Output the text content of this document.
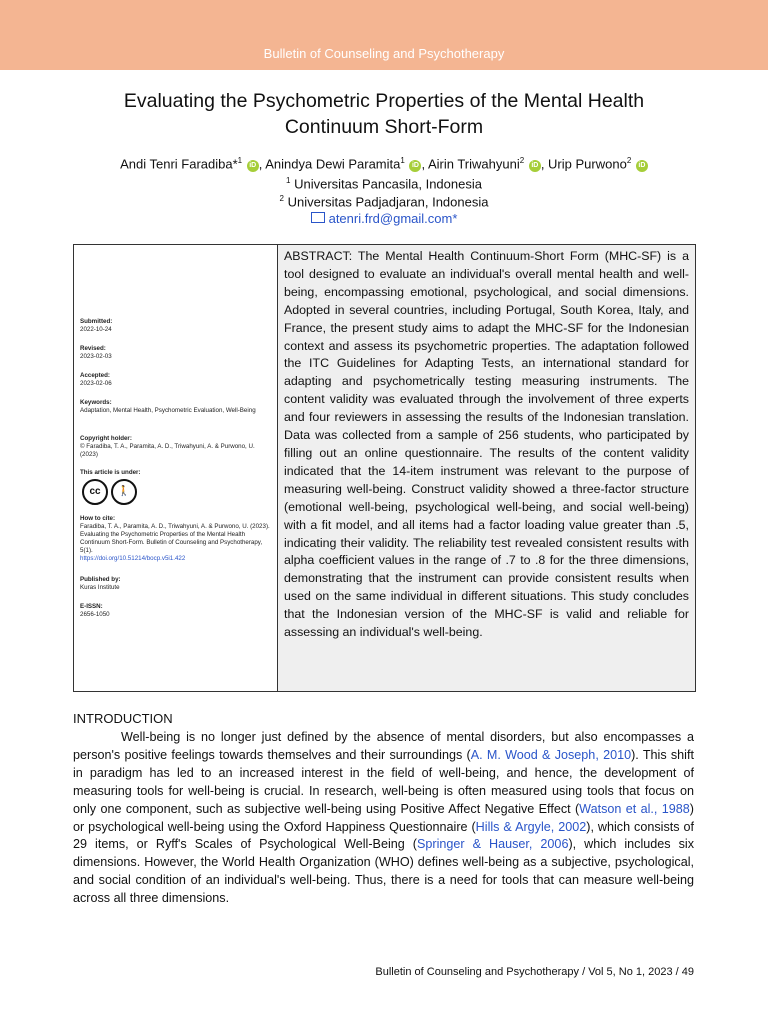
Bulletin of Counseling and Psychotherapy
Evaluating the Psychometric Properties of the Mental Health Continuum Short-Form
Andi Tenri Faradiba*$^1$ iD , Anindya Dewi Paramita$^1$ iD , Airin Triwahyuni$^2$ iD , Urip Purwono$^2$ iD
$^1$ Universitas Pancasila, Indonesia
$^2$ Universitas Padjadjaran, Indonesia
atenri.frd@gmail.com*
Submitted:
2022-10-24
Revised:
2023-02-03
Accepted:
2023-02-06
Keywords:
Adaptation, Mental Health, Psychometric Evaluation, Well-Being
Copyright holder:
© Faradiba, T. A., Paramita, A. D., Triwahyuni, A. & Purwono, U. (2023)
This article is under:
cc 🚶
How to cite:
Faradiba, T. A., Paramita, A. D., Triwahyuni, A. & Purwono, U. (2023). Evaluating the Psychometric Properties of the Mental Health Continuum Short-Form. Bulletin of Counseling and Psychotherapy, 5(1).
https://doi.org/10.51214/bocp.v5i1.422
Published by:
Kuras Institute
E-ISSN:
2656-1050
ABSTRACT: The Mental Health Continuum-Short Form (MHC-SF) is a tool designed to evaluate an individual's overall mental health and well-being, encompassing emotional, psychological, and social dimensions. Adopted in several countries, including Portugal, South Korea, Italy, and France, the present study aims to adapt the MHC-SF for the Indonesian context and assess its psychometric properties. The adaptation followed the ITC Guidelines for Adapting Tests, an international standard for adapting and psychometrically testing measuring instruments. The content validity was evaluated through the involvement of three experts and four reviewers in assessing the results of the Indonesian translation. Data was collected from a sample of 256 students, who participated by filling out an online questionnaire. The results of the content validity indicated that the 14-item instrument was relevant to the purpose of measuring well-being. Construct validity showed a three-factor structure (emotional well-being, psychological well-being, and social well-being) with a fit model, and all items had a factor loading value greater than .5, indicating their validity. The reliability test revealed consistent results with alpha coefficient values in the range of .7 to .8 for the three dimensions, demonstrating that the instrument can provide consistent results when used on the same individual in different situations. This study concludes that the Indonesian version of the MHC-SF is valid and reliable for assessing an individual's well-being.
INTRODUCTION
Well-being is no longer just defined by the absence of mental disorders, but also encompasses a person's positive feelings towards themselves and their surroundings (A. M. Wood & Joseph, 2010). This shift in paradigm has led to an increased interest in the field of well-being, and hence, the development of measuring tools for well-being is crucial. In research, well-being is often measured using tools that focus on only one component, such as subjective well-being using Positive Affect Negative Effect (Watson et al., 1988) or psychological well-being using the Oxford Happiness Questionnaire (Hills & Argyle, 2002), which consists of 29 items, or Ryff's Scales of Psychological Well-Being (Springer & Hauser, 2006), which includes six dimensions. However, the World Health Organization (WHO) defines well-being as a subjective, psychological, and social condition of an individual's well-being. Thus, there is a need for tools that can measure well-being across all three dimensions.
Bulletin of Counseling and Psychotherapy / Vol 5, No 1, 2023 / 49
